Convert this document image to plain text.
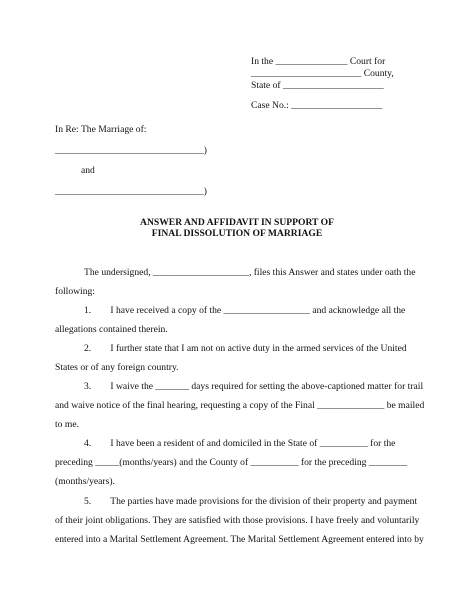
In the _______________ Court for
_______________________ County,
State of _____________________
Case No.: ___________________
In Re: The Marriage of:
_______________________________)
and
_______________________________)
ANSWER AND AFFIDAVIT IN SUPPORT OF
FINAL DISSOLUTION OF MARRIAGE
The undersigned, ____________________, files this Answer and states under oath the
following:
1.        I have received a copy of the __________________ and acknowledge all the
allegations contained therein.
2.        I further state that I am not on active duty in the armed services of the United
States or of any foreign country.
3.        I waive the _______ days required for setting the above-captioned matter for trail
and waive notice of the final hearing, requesting a copy of the Final ______________ be mailed
to me.
4.        I have been a resident of and domiciled in the State of __________ for the
preceding _____(months/years) and the County of __________ for the preceding ________
(months/years).
5.        The parties have made provisions for the division of their property and payment
of their joint obligations. They are satisfied with those provisions. I have freely and voluntarily
entered into a Marital Settlement Agreement. The Marital Settlement Agreement entered into by
